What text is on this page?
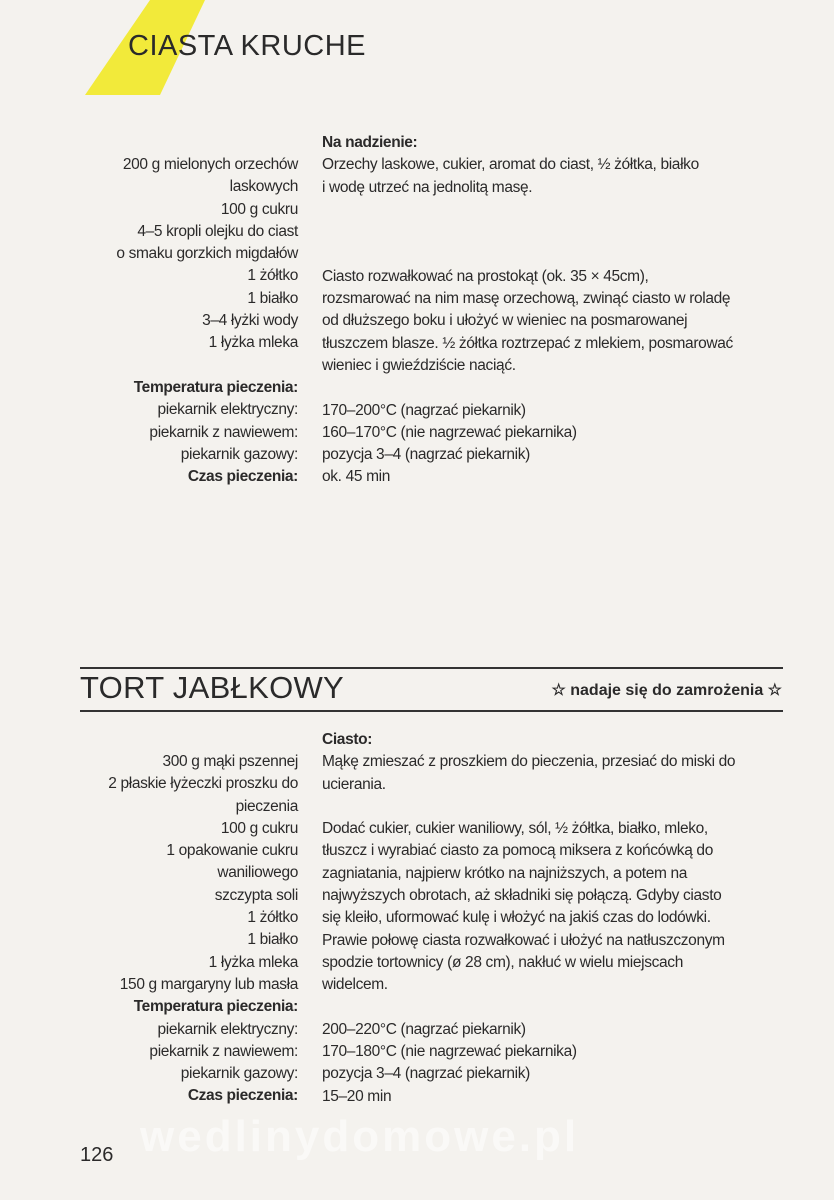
CIASTA KRUCHE
200 g mielonych orzechów
laskowych
100 g cukru
4–5 kropli olejku do ciast
o smaku gorzkich migdałów
1 żółtko
1 białko
3–4 łyżki wody
1 łyżka mleka
Temperatura pieczenia:
piekarnik elektryczny:
piekarnik z nawiewem:
piekarnik gazowy:
Czas pieczenia:
Na nadzienie:
Orzechy laskowe, cukier, aromat do ciast, ½ żółtka, białko
i wodę utrzeć na jednolitą masę.
Ciasto rozwałkować na prostokąt (ok. 35 × 45cm),
rozsmarować na nim masę orzechową, zwinąć ciasto w roladę
od dłuższego boku i ułożyć w wieniec na posmarowanej
tłuszczem blasze. ½ żółtka roztrzepać z mlekiem, posmarować
wieniec i gwieździście naciąć.
170–200°C (nagrzać piekarnik)
160–170°C (nie nagrzewać piekarnika)
pozycja 3–4 (nagrzać piekarnik)
ok. 45 min
TORT JABŁKOWY	☆ nadaje się do zamrożenia ☆
300 g mąki pszennej
2 płaskie łyżeczki proszku do
pieczenia
100 g cukru
1 opakowanie cukru
waniliowego
szczypta soli
1 żółtko
1 białko
1 łyżka mleka
150 g margaryny lub masła
Temperatura pieczenia:
piekarnik elektryczny:
piekarnik z nawiewem:
piekarnik gazowy:
Czas pieczenia:
Ciasto:
Mąkę zmieszać z proszkiem do pieczenia, przesiać do miski do
ucierania.
Dodać cukier, cukier waniliowy, sól, ½ żółtka, białko, mleko,
tłuszcz i wyrabiać ciasto za pomocą miksera z końcówką do
zagniatania, najpierw krótko na najniższych, a potem na
najwyższych obrotach, aż składniki się połączą. Gdyby ciasto
się kleiło, uformować kulę i włożyć na jakiś czas do lodówki.
Prawie połowę ciasta rozwałkować i ułożyć na natłuszczonym
spodzie tortownicy (ø 28 cm), nakłuć w wielu miejscach
widelcem.
200–220°C (nagrzać piekarnik)
170–180°C (nie nagrzewać piekarnika)
pozycja 3–4 (nagrzać piekarnik)
15–20 min
wedlinydomowe.pl
126
